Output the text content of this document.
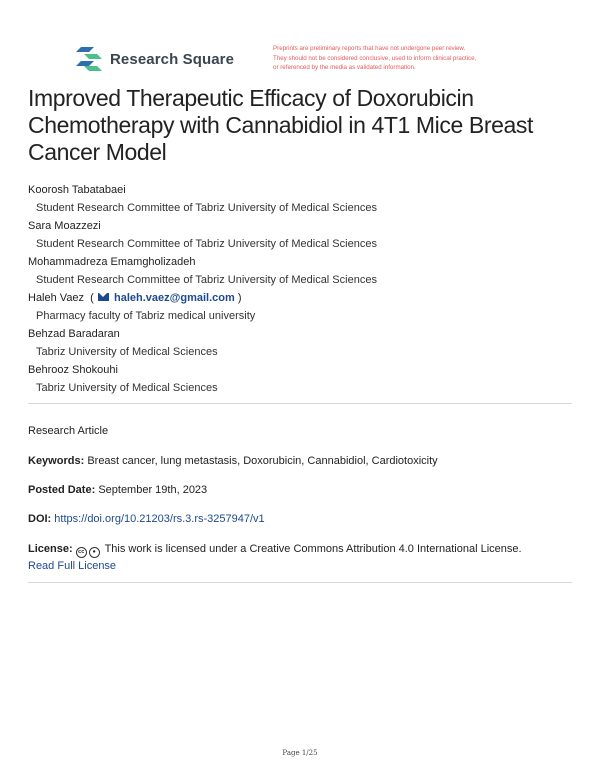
Research Square
Preprints are preliminary reports that have not undergone peer review.
They should not be considered conclusive, used to inform clinical practice,
or referenced by the media as validated information.
Improved Therapeutic Efficacy of Doxorubicin Chemotherapy with Cannabidiol in 4T1 Mice Breast Cancer Model
Koorosh Tabatabaei
Student Research Committee of Tabriz University of Medical Sciences
Sara Moazzezi
Student Research Committee of Tabriz University of Medical Sciences
Mohammadreza Emamgholizadeh
Student Research Committee of Tabriz University of Medical Sciences
Haleh Vaez  ( haleh.vaez@gmail.com )
Pharmacy faculty of Tabriz medical university
Behzad Baradaran
Tabriz University of Medical Sciences
Behrooz Shokouhi
Tabriz University of Medical Sciences
Research Article
Keywords: Breast cancer, lung metastasis, Doxorubicin, Cannabidiol, Cardiotoxicity
Posted Date: September 19th, 2023
DOI: https://doi.org/10.21203/rs.3.rs-3257947/v1
License: cc ● This work is licensed under a Creative Commons Attribution 4.0 International License.
Read Full License
Page 1/25
